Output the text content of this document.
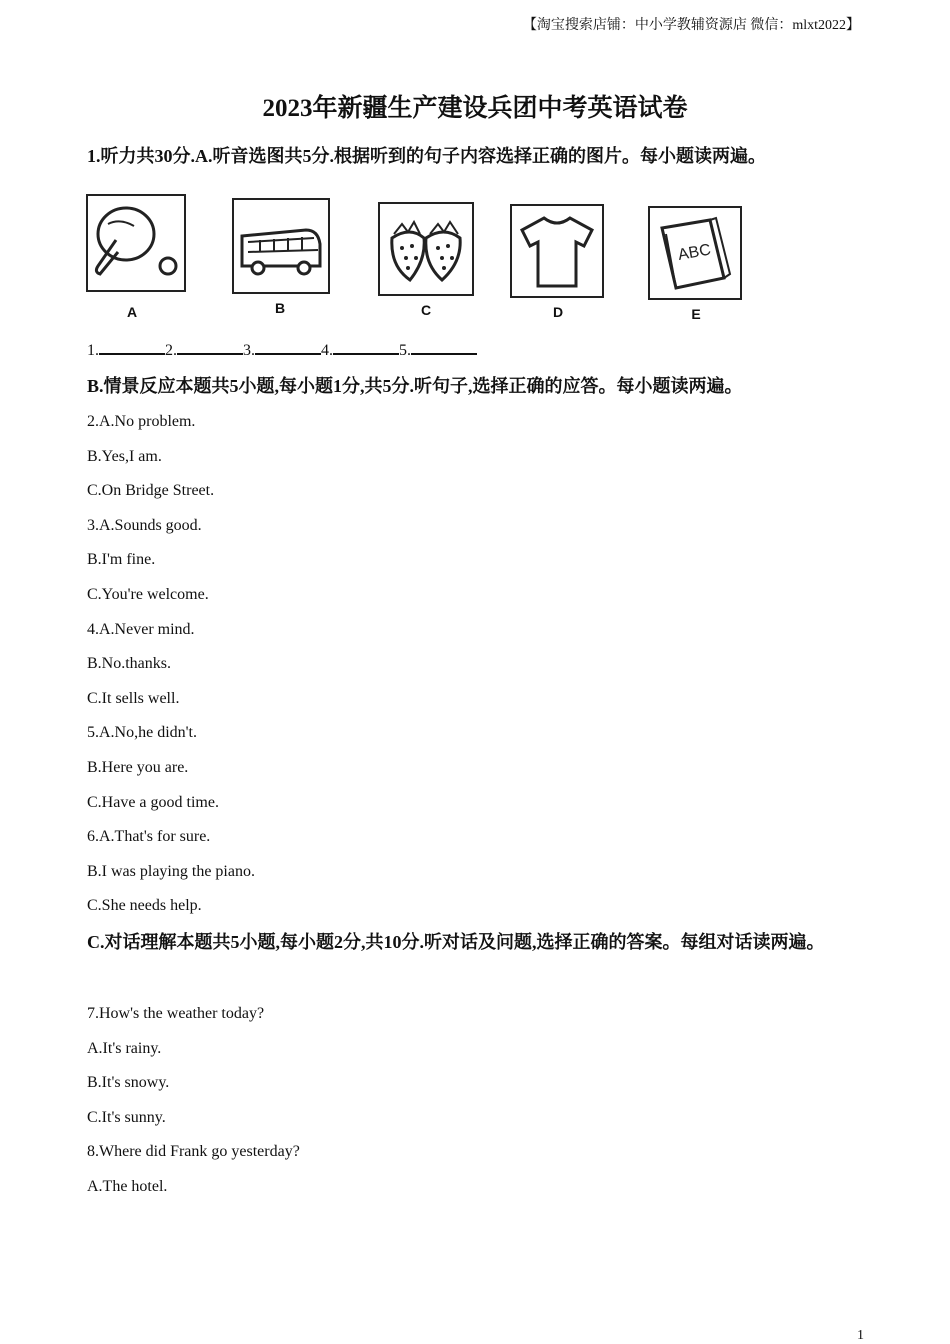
【淘宝搜索店铺：中小学教辅资源店 微信：mlxt2022】
2023年新疆生产建设兵团中考英语试卷
1.听力共30分.A.听音选图共5分.根据听到的句子内容选择正确的图片。每小题读两遍。
A	B	C	D
ABC
E
1.	2.	3.	4.	5.
B.情景反应本题共5小题,每小题1分,共5分.听句子,选择正确的应答。每小题读两遍。
2.A.No problem.
B.Yes,I am.
C.On Bridge Street.
3.A.Sounds good.
B.I'm fine.
C.You're welcome.
4.A.Never mind.
B.No.thanks.
C.It sells well.
5.A.No,he didn't.
B.Here you are.
C.Have a good time.
6.A.That's for sure.
B.I was playing the piano.
C.She needs help.
C.对话理解本题共5小题,每小题2分,共10分.听对话及问题,选择正确的答案。每组对话读两遍。
7.How's the weather today?
A.It's rainy.
B.It's snowy.
C.It's sunny.
8.Where did Frank go yesterday?
A.The hotel.
1
